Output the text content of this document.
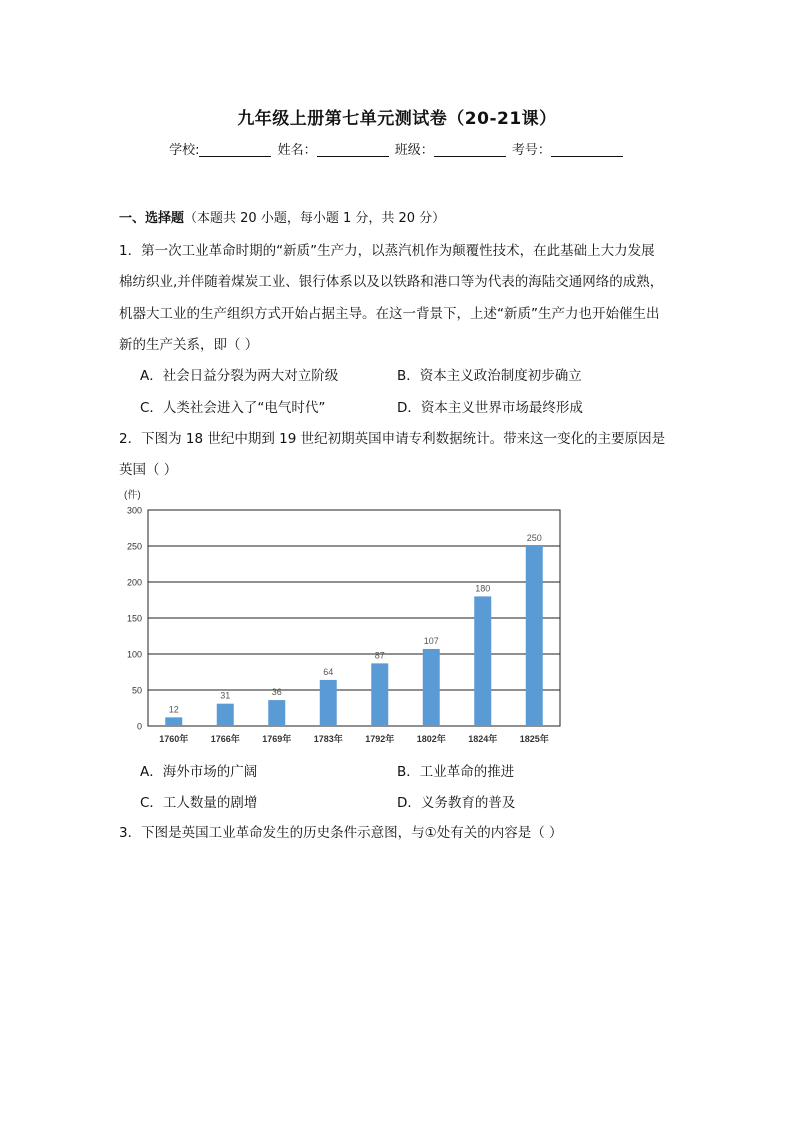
九年级上册第七单元测试卷（20-21课）
学校:	姓名：	班级：	考号：
一、选择题（本题共 20 小题，每小题 1 分，共 20 分）
1．第一次工业革命时期的“新质”生产力，以蒸汽机作为颠覆性技术，在此基础上大力发展
棉纺织业,并伴随着煤炭工业、银行体系以及以铁路和港口等为代表的海陆交通网络的成熟，
机器大工业的生产组织方式开始占据主导。在这一背景下，上述“新质”生产力也开始催生出
新的生产关系，即（ ）
A．社会日益分裂为两大对立阶级	B．资本主义政治制度初步确立
C．人类社会进入了“电气时代”	D．资本主义世界市场最终形成
2．下图为 18 世纪中期到 19 世纪初期英国申请专利数据统计。带来这一变化的主要原因是
英国（ ）
(件)
0
50
100
150
200
250
300
12
1760年
31
1766年
36
1769年
64
1783年
87
1792年
107
1802年
180
1824年
250
1825年
A．海外市场的广阔	B．工业革命的推进
C．工人数量的剧增	D．义务教育的普及
3．下图是英国工业革命发生的历史条件示意图，与①处有关的内容是（ ）
